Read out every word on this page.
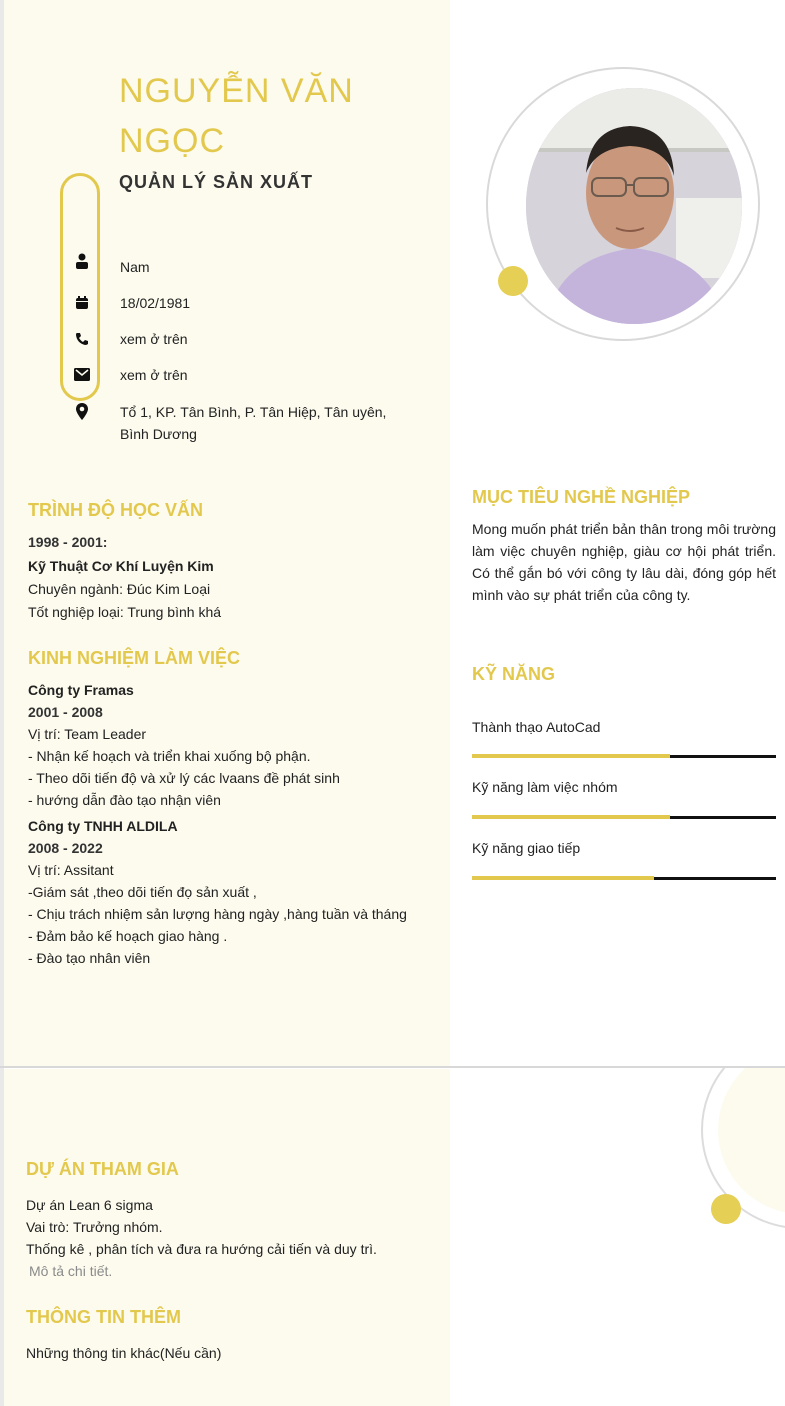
NGUYỄN VĂN NGỌC
QUẢN LÝ SẢN XUẤT
Nam
18/02/1981
xem ở trên
xem ở trên
Tổ 1, KP. Tân Bình, P. Tân Hiệp, Tân uyên,
Bình Dương
TRÌNH ĐỘ HỌC VẤN
1998 - 2001:
Kỹ Thuật Cơ Khí Luyện Kim
Chuyên ngành: Đúc Kim Loại
Tốt nghiệp loại: Trung bình khá
KINH NGHIỆM LÀM VIỆC
Công ty Framas
2001 - 2008
Vị trí: Team Leader
- Nhận kế hoạch và triển khai xuống bộ phận.
- Theo dõi tiến độ và xử lý các lvaans đề phát sinh
- hướng dẫn đào tạo nhận viên
Công ty TNHH ALDILA
2008 - 2022
Vị trí: Assitant
-Giám sát ,theo dõi tiến đọ sản xuất ,
- Chịu trách nhiệm sản lượng hàng ngày ,hàng tuần và tháng
- Đảm bảo kế hoạch giao hàng .
- Đào tạo nhân viên
MỤC TIÊU NGHỀ NGHIỆP
Mong muốn phát triển bản thân trong môi trường làm việc chuyên nghiệp, giàu cơ hội phát triển. Có thể gắn bó với công ty lâu dài, đóng góp hết mình vào sự phát triển của công ty.
KỸ NĂNG
Thành thạo AutoCad
Kỹ năng làm việc nhóm
Kỹ năng giao tiếp
DỰ ÁN THAM GIA
Dự án Lean 6 sigma
Vai trò: Trưởng nhóm.
Thống kê , phân tích và đưa ra hướng cải tiến và duy trì.
Mô tả chi tiết.
THÔNG TIN THÊM
Những thông tin khác(Nếu cần)
